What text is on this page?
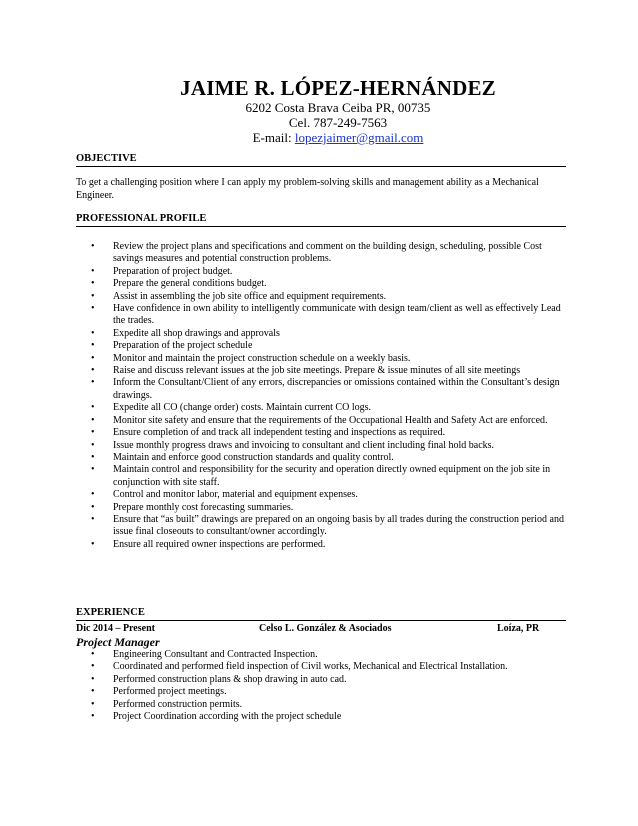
JAIME R. LÓPEZ-HERNÁNDEZ
6202 Costa Brava Ceiba PR, 00735
Cel. 787-249-7563
E-mail: lopezjaimer@gmail.com
OBJECTIVE
To get a challenging position where I can apply my problem-solving skills and management ability as a Mechanical Engineer.
PROFESSIONAL PROFILE
• Review the project plans and specifications and comment on the building design, scheduling, possible Cost savings measures and potential construction problems.
• Preparation of project budget.
• Prepare the general conditions budget.
• Assist in assembling the job site office and equipment requirements.
• Have confidence in own ability to intelligently communicate with design team/client as well as effectively Lead the trades.
• Expedite all shop drawings and approvals
• Preparation of the project schedule
• Monitor and maintain the project construction schedule on a weekly basis.
• Raise and discuss relevant issues at the job site meetings. Prepare & issue minutes of all site meetings
• Inform the Consultant/Client of any errors, discrepancies or omissions contained within the Consultant’s design drawings.
• Expedite all CO (change order) costs. Maintain current CO logs.
• Monitor site safety and ensure that the requirements of the Occupational Health and Safety Act are enforced.
• Ensure completion of and track all independent testing and inspections as required.
• Issue monthly progress draws and invoicing to consultant and client including final hold backs.
• Maintain and enforce good construction standards and quality control.
• Maintain control and responsibility for the security and operation directly owned equipment on the job site in conjunction with site staff.
• Control and monitor labor, material and equipment expenses.
• Prepare monthly cost forecasting summaries.
• Ensure that “as built” drawings are prepared on an ongoing basis by all trades during the construction period and issue final closeouts to consultant/owner accordingly.
• Ensure all required owner inspections are performed.
EXPERIENCE
Dic 2014 – Present	Celso L. González & Asociados	Loíza, PR
Project Manager
• Engineering Consultant and Contracted Inspection.
• Coordinated and performed field inspection of Civil works, Mechanical and Electrical Installation.
• Performed construction plans & shop drawing in auto cad.
• Performed project meetings.
• Performed construction permits.
• Project Coordination according with the project schedule
